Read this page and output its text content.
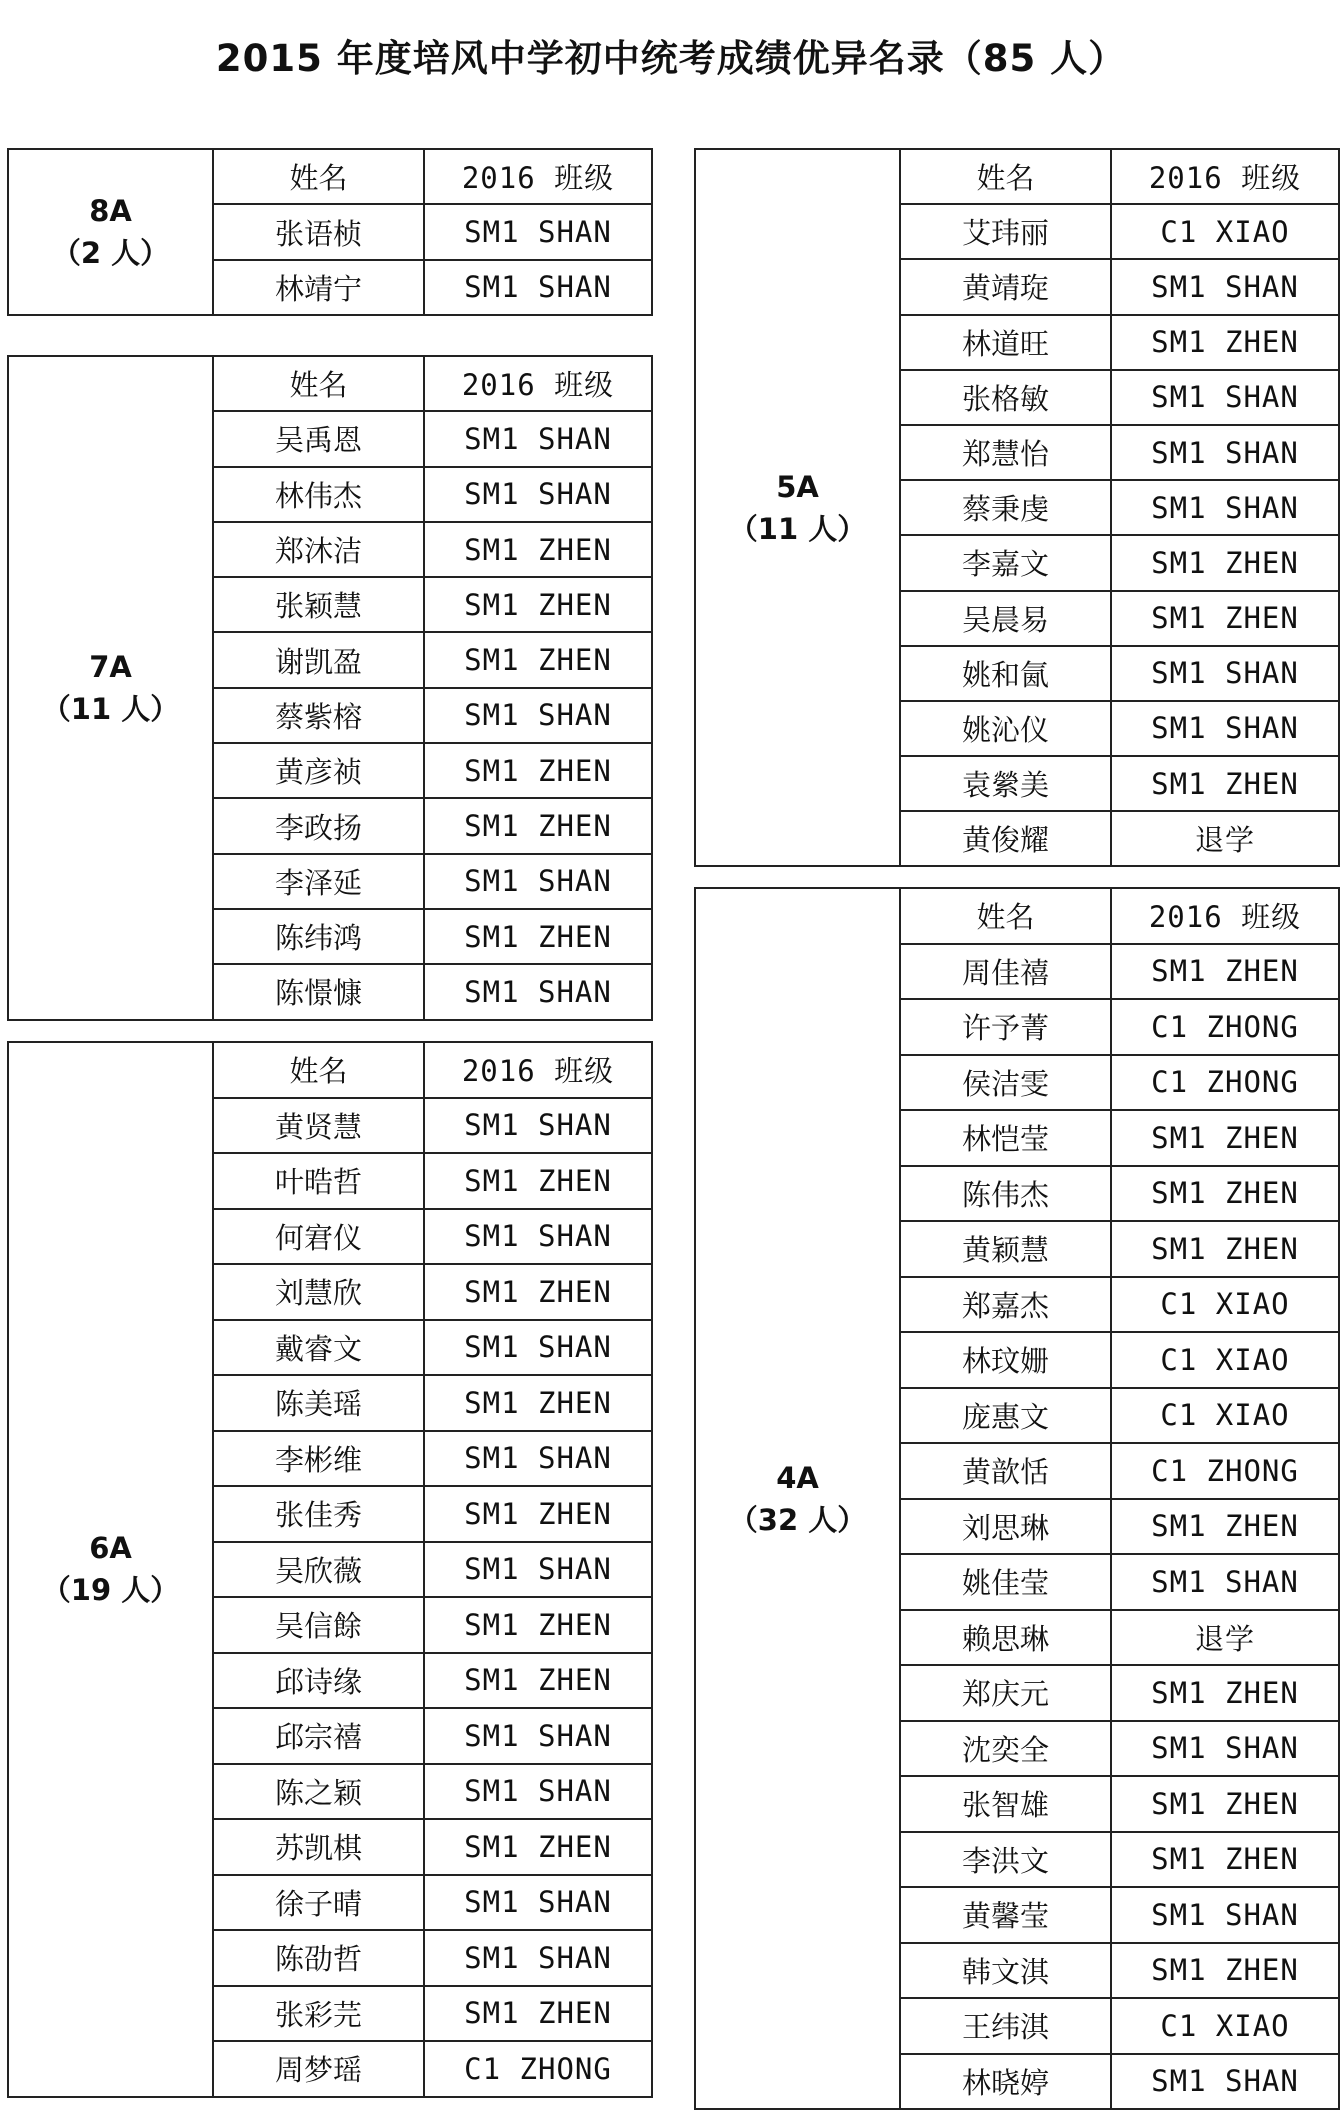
2015 年度培风中学初中统考成绩优异名录（85 人）
8A
（2 人）	姓名	2016 班级
	张语桢	SM1 SHAN
	林靖宁	SM1 SHAN
7A
（11 人）	姓名	2016 班级
	吴禹恩	SM1 SHAN
	林伟杰	SM1 SHAN
	郑沐洁	SM1 ZHEN
	张颖慧	SM1 ZHEN
	谢凯盈	SM1 ZHEN
	蔡紫榕	SM1 SHAN
	黄彦祯	SM1 ZHEN
	李政扬	SM1 ZHEN
	李泽延	SM1 SHAN
	陈纬鸿	SM1 ZHEN
	陈憬慷	SM1 SHAN
6A
（19 人）	姓名	2016 班级
	黄贤慧	SM1 SHAN
	叶晧哲	SM1 ZHEN
	何宭仪	SM1 SHAN
	刘慧欣	SM1 ZHEN
	戴睿文	SM1 SHAN
	陈美瑶	SM1 ZHEN
	李彬维	SM1 SHAN
	张佳秀	SM1 ZHEN
	吴欣薇	SM1 SHAN
	吴信餘	SM1 ZHEN
	邱诗缘	SM1 ZHEN
	邱宗禧	SM1 SHAN
	陈之颖	SM1 SHAN
	苏凯棋	SM1 ZHEN
	徐子晴	SM1 SHAN
	陈劭哲	SM1 SHAN
	张彩芫	SM1 ZHEN
	周梦瑶	C1 ZHONG
5A
（11 人）	姓名	2016 班级
	艾玮丽	C1 XIAO
	黄靖琁	SM1 SHAN
	林道旺	SM1 ZHEN
	张格敏	SM1 SHAN
	郑慧怡	SM1 SHAN
	蔡秉虔	SM1 SHAN
	李嘉文	SM1 ZHEN
	吴晨易	SM1 ZHEN
	姚和氤	SM1 SHAN
	姚沁仪	SM1 SHAN
	袁縈美	SM1 ZHEN
	黄俊耀	退学
4A
（32 人）	姓名	2016 班级
	周佳禧	SM1 ZHEN
	许予菁	C1 ZHONG
	侯洁雯	C1 ZHONG
	林恺莹	SM1 ZHEN
	陈伟杰	SM1 ZHEN
	黄颖慧	SM1 ZHEN
	郑嘉杰	C1 XIAO
	林玟姗	C1 XIAO
	庞惠文	C1 XIAO
	黄歆恬	C1 ZHONG
	刘思琳	SM1 ZHEN
	姚佳莹	SM1 SHAN
	赖思琳	退学
	郑庆元	SM1 ZHEN
	沈奕全	SM1 SHAN
	张智雄	SM1 ZHEN
	李洪文	SM1 ZHEN
	黄馨莹	SM1 SHAN
	韩文淇	SM1 ZHEN
	王纬淇	C1 XIAO
	林晓婷	SM1 SHAN
